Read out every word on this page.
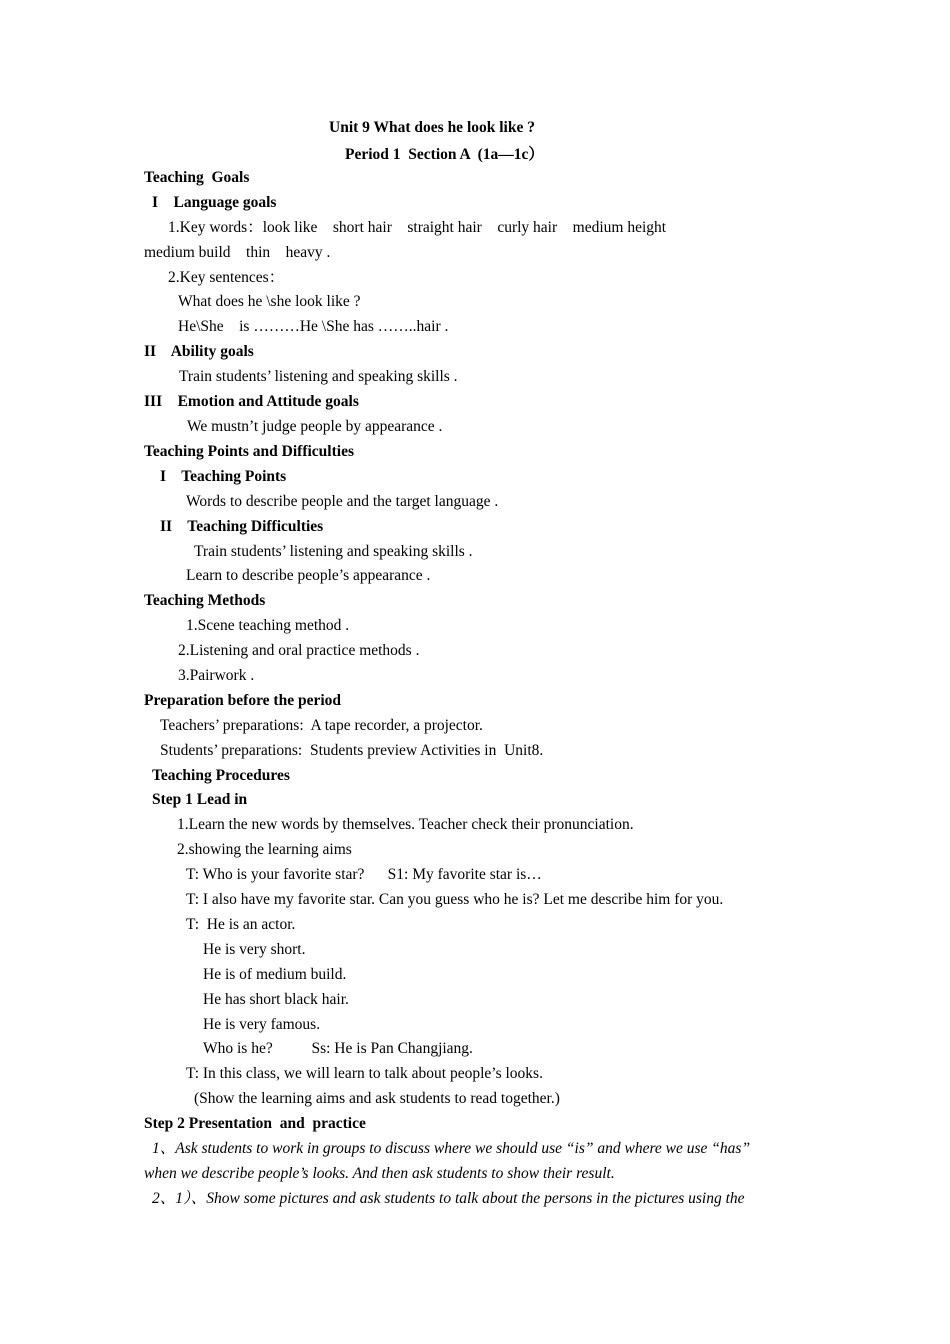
Unit 9 What does he look like ?
Period 1  Section A  (1a—1c）
Teaching  Goals
I    Language goals
1.Key words：look like    short hair    straight hair    curly hair    medium height
medium build    thin    heavy .
2.Key sentences：
What does he \she look like ?
He\She    is ………He \She has ……..hair .
II    Ability goals
Train students’ listening and speaking skills .
III    Emotion and Attitude goals
We mustn’t judge people by appearance .
Teaching Points and Difficulties
I    Teaching Points
Words to describe people and the target language .
II    Teaching Difficulties
Train students’ listening and speaking skills .
Learn to describe people’s appearance .
Teaching Methods
1.Scene teaching method .
2.Listening and oral practice methods .
3.Pairwork .
Preparation before the period
Teachers’ preparations:  A tape recorder, a projector.
Students’ preparations:  Students preview Activities in  Unit8.
Teaching Procedures
Step 1 Lead in
1.Learn the new words by themselves. Teacher check their pronunciation.
2.showing the learning aims
T: Who is your favorite star?      S1: My favorite star is…
T: I also have my favorite star. Can you guess who he is? Let me describe him for you.
T:  He is an actor.
He is very short.
He is of medium build.
He has short black hair.
He is very famous.
Who is he?          Ss: He is Pan Changjiang.
T: In this class, we will learn to talk about people’s looks.
(Show the learning aims and ask students to read together.)
Step 2 Presentation  and  practice
1、Ask students to work in groups to discuss where we should use “is” and where we use “has”
when we describe people’s looks. And then ask students to show their result.
2、1）、Show some pictures and ask students to talk about the persons in the pictures using the
